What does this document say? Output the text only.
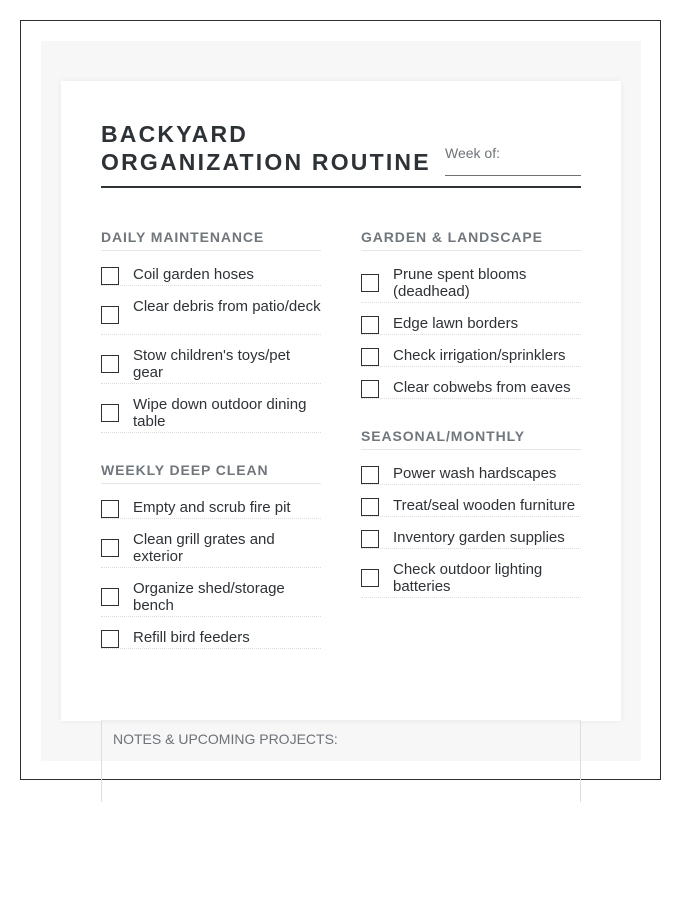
BACKYARD ORGANIZATION ROUTINE	Week of:
DAILY MAINTENANCE
Coil garden hoses
Clear debris from patio/deck
Stow children's toys/pet gear
Wipe down outdoor dining table
WEEKLY DEEP CLEAN
Empty and scrub fire pit
Clean grill grates and exterior
Organize shed/storage bench
Refill bird feeders
GARDEN & LANDSCAPE
Prune spent blooms (deadhead)
Edge lawn borders
Check irrigation/sprinklers
Clear cobwebs from eaves
SEASONAL/MONTHLY
Power wash hardscapes
Treat/seal wooden furniture
Inventory garden supplies
Check outdoor lighting batteries
NOTES & UPCOMING PROJECTS:
